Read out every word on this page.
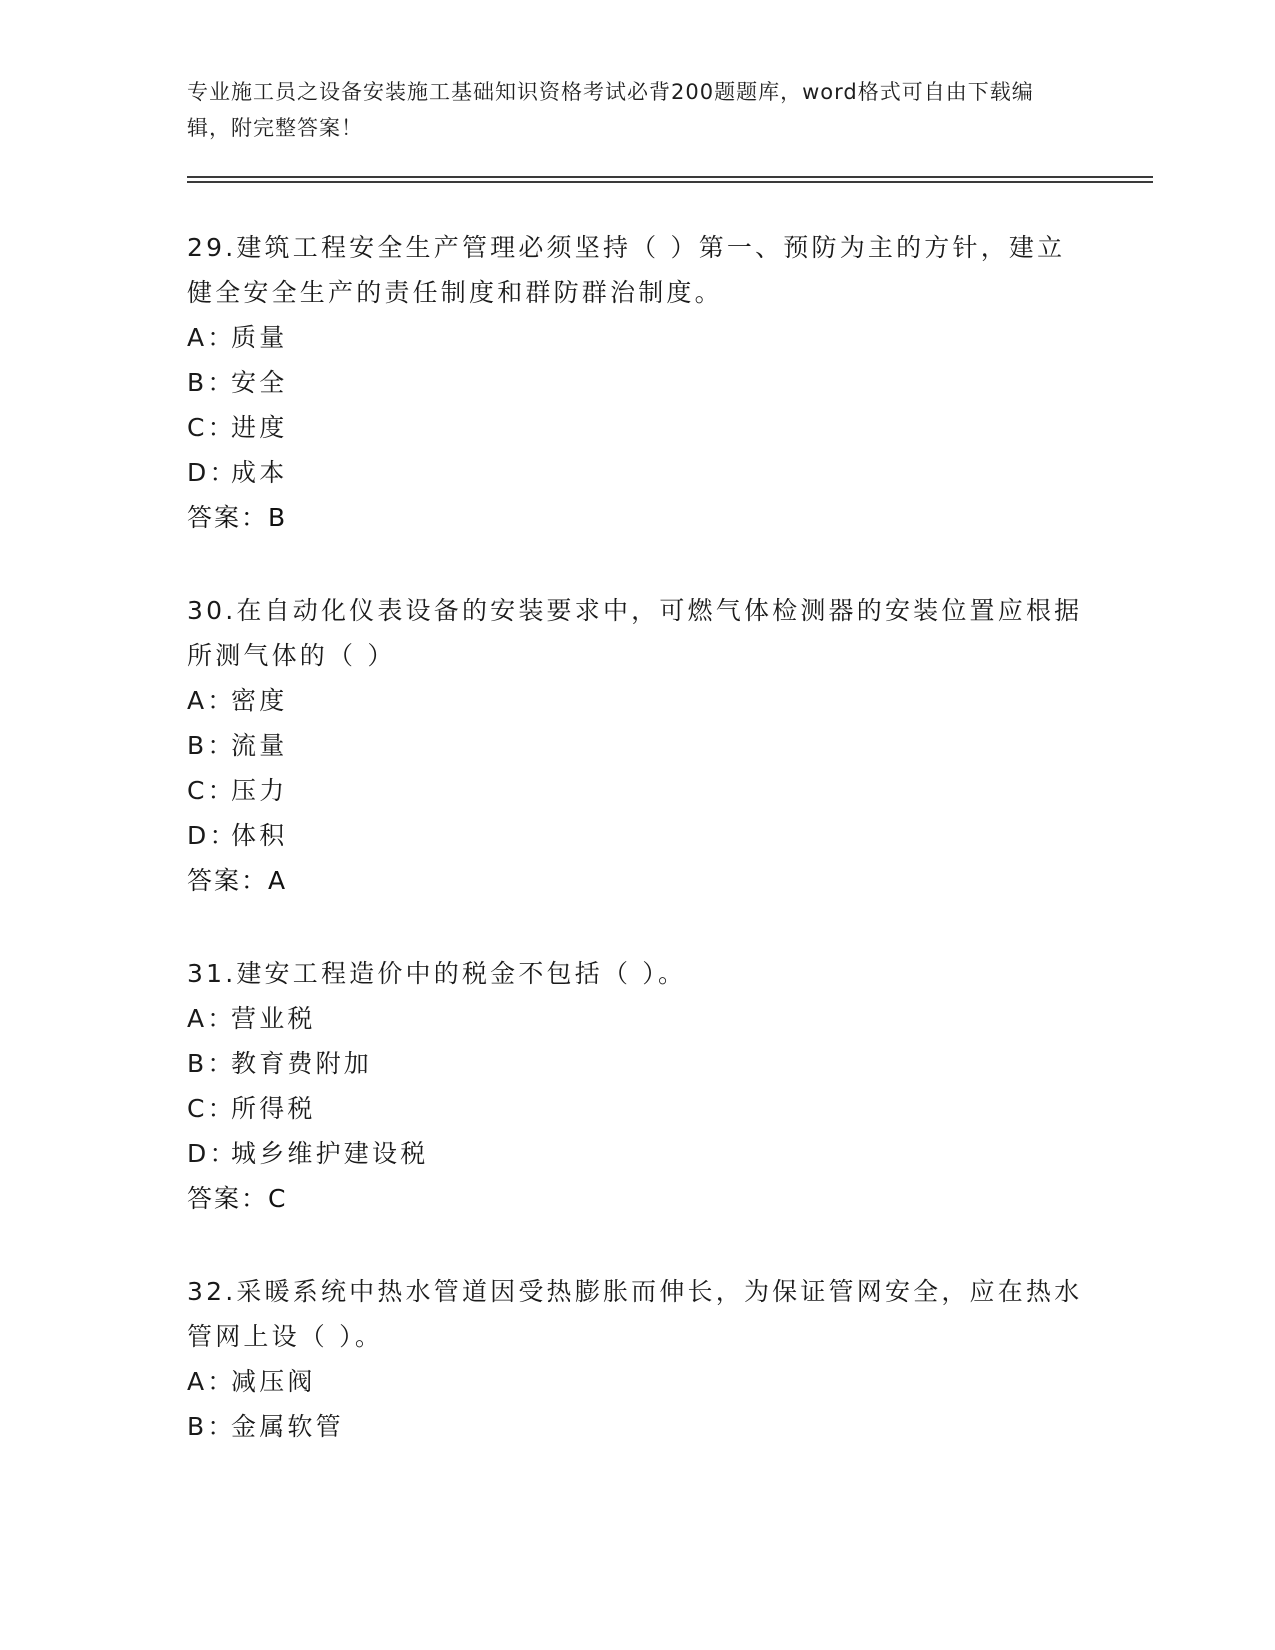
专业施工员之设备安装施工基础知识资格考试必背200题题库，word格式可自由下载编辑，附完整答案！

29.建筑工程安全生产管理必须坚持（ ）第一、预防为主的方针，建立健全安全生产的责任制度和群防群治制度。

A：质量
B：安全
C：进度
D：成本
答案：B

30.在自动化仪表设备的安装要求中，可燃气体检测器的安装位置应根据所测气体的（ ）

A：密度
B：流量
C：压力
D：体积
答案：A

31.建安工程造价中的税金不包括（ ）。

A：营业税
B：教育费附加
C：所得税
D：城乡维护建设税
答案：C

32.采暖系统中热水管道因受热膨胀而伸长，为保证管网安全，应在热水管网上设（ ）。

A：减压阀
B：金属软管
